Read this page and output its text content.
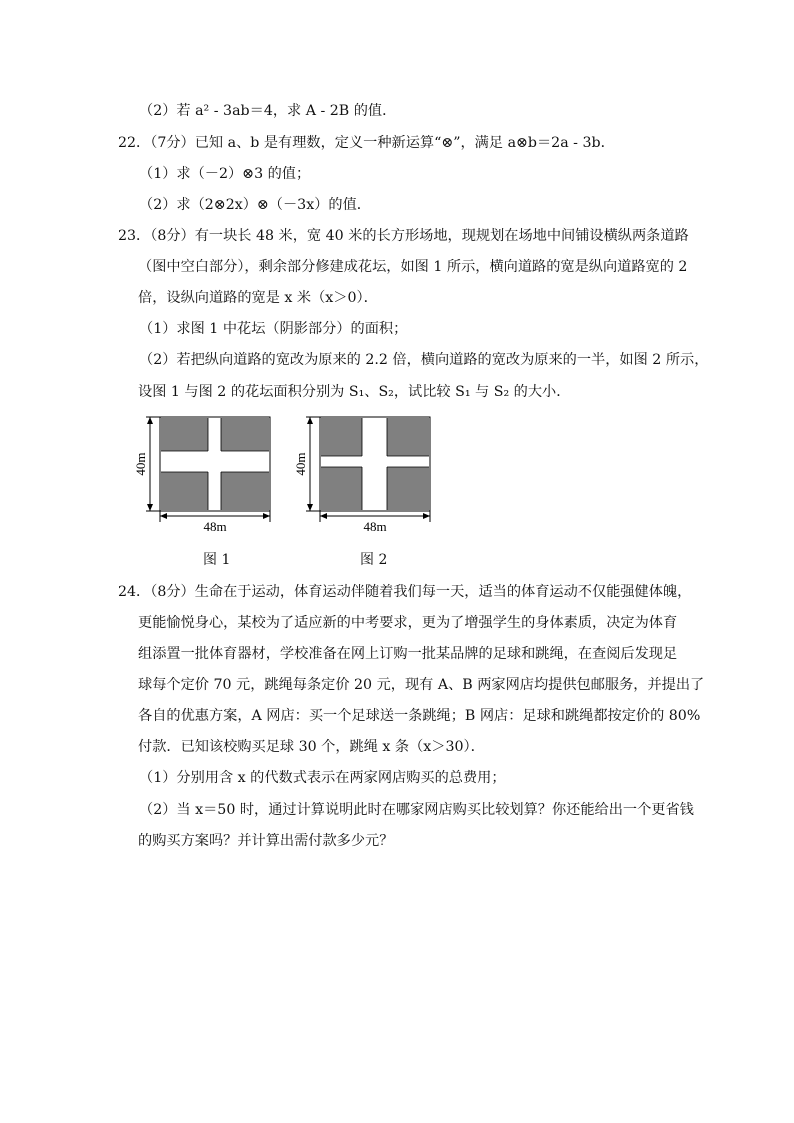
（2）若 a² - 3ab＝4，求 A - 2B 的值．
22．（7分）已知 a、b 是有理数，定义一种新运算“⊗”，满足 a⊗b＝2a - 3b．
（1）求（－2）⊗3 的值；
（2）求（2⊗2x）⊗（－3x）的值．
23．（8分）有一块长 48 米，宽 40 米的长方形场地，现规划在场地中间铺设横纵两条道路
（图中空白部分），剩余部分修建成花坛，如图 1 所示，横向道路的宽是纵向道路宽的 2
倍，设纵向道路的宽是 x 米（x＞0）．
（1）求图 1 中花坛（阴影部分）的面积；
（2）若把纵向道路的宽改为原来的 2.2 倍，横向道路的宽改为原来的一半，如图 2 所示，
设图 1 与图 2 的花坛面积分别为 S₁、S₂，试比较 S₁ 与 S₂ 的大小．
40m
48m
图 1
40m
48m
图 2
24．（8分）生命在于运动，体育运动伴随着我们每一天，适当的体育运动不仅能强健体魄，
更能愉悦身心，某校为了适应新的中考要求，更为了增强学生的身体素质，决定为体育
组添置一批体育器材，学校准备在网上订购一批某品牌的足球和跳绳，在查阅后发现足
球每个定价 70 元，跳绳每条定价 20 元，现有 A、B 两家网店均提供包邮服务，并提出了
各自的优惠方案，A 网店：买一个足球送一条跳绳；B 网店：足球和跳绳都按定价的 80%
付款．已知该校购买足球 30 个，跳绳 x 条（x＞30）．
（1）分别用含 x 的代数式表示在两家网店购买的总费用；
（2）当 x＝50 时，通过计算说明此时在哪家网店购买比较划算？你还能给出一个更省钱
的购买方案吗？并计算出需付款多少元？
